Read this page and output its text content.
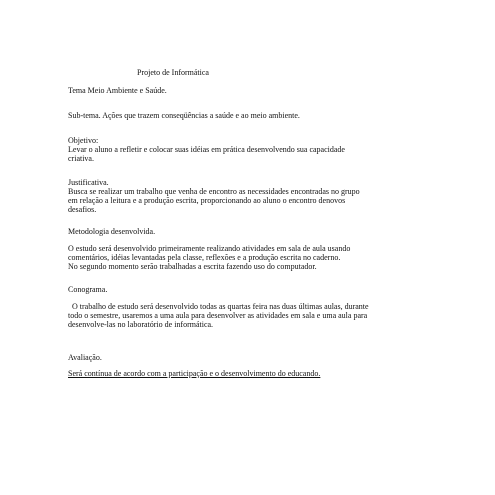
Projeto de Informática

Tema Meio Ambiente e Saúde.

Sub-tema. Ações que trazem conseqüências a saúde e ao meio ambiente.

Objetivo:

Levar o aluno a refletir e colocar suas idéias em prática desenvolvendo sua capacidade

criativa.

Justificativa.

Busca se realizar um trabalho que venha de encontro as necessidades encontradas no grupo

em relação a leitura e a produção escrita, proporcionando ao aluno o encontro denovos

desafios.

Metodologia desenvolvida.

O estudo será desenvolvido primeiramente realizando atividades em sala de aula usando

comentários, idéias levantadas pela classe, reflexões e a produção escrita no caderno.

No segundo momento serão trabalhadas a escrita fazendo uso do computador.

Conograma.

O trabalho de estudo será desenvolvido todas as quartas feira nas duas últimas aulas, durante

todo o semestre, usaremos a uma aula para desenvolver as atividades em sala e uma aula para

desenvolve-las no laboratório de informática.

Avaliação.

Será contínua de acordo com a participação e o desenvolvimento do educando.
